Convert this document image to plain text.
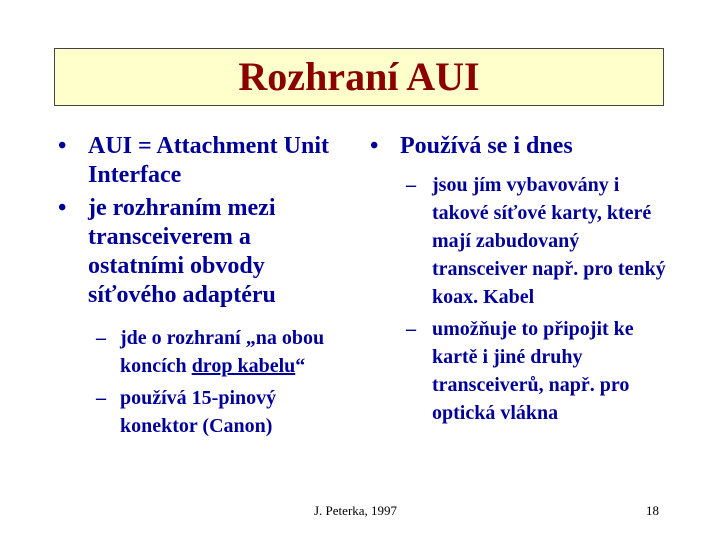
Rozhraní AUI
• AUI = Attachment Unit Interface
• je rozhraním mezi transceiverem a ostatními obvody síťového adaptéru
– jde o rozhraní „na obou koncích drop kabelu“
– používá 15-pinový konektor (Canon)
• Používá se i dnes
– jsou jím vybavovány i takové síťové karty, které mají zabudovaný transceiver např. pro tenký koax. Kabel
– umožňuje to připojit ke kartě i jiné druhy transceiverů, např. pro optická vlákna
J. Peterka, 1997	18
